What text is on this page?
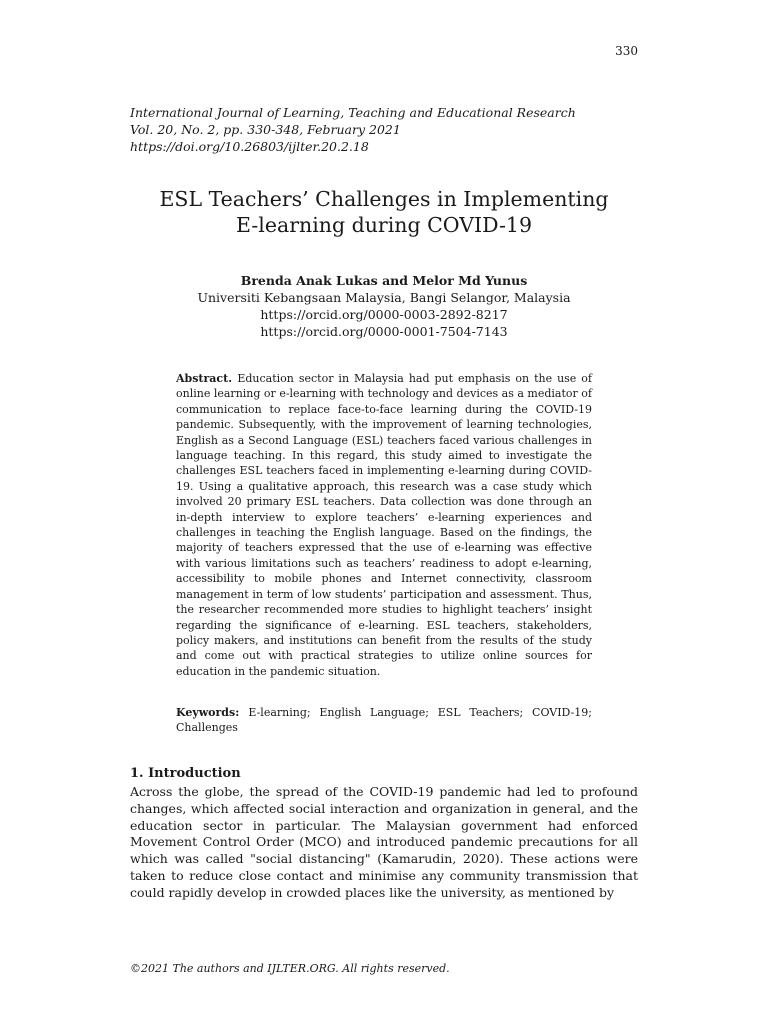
330
International Journal of Learning, Teaching and Educational Research
Vol. 20, No. 2, pp. 330-348, February 2021
https://doi.org/10.26803/ijlter.20.2.18
ESL Teachers’ Challenges in Implementing
E-learning during COVID-19
Brenda Anak Lukas and Melor Md Yunus
Universiti Kebangsaan Malaysia, Bangi Selangor, Malaysia
https://orcid.org/0000-0003-2892-8217
https://orcid.org/0000-0001-7504-7143
Abstract. Education sector in Malaysia had put emphasis on the use of online learning or e-learning with technology and devices as a mediator of communication to replace face-to-face learning during the COVID-19 pandemic. Subsequently, with the improvement of learning technologies, English as a Second Language (ESL) teachers faced various challenges in language teaching. In this regard, this study aimed to investigate the challenges ESL teachers faced in implementing e-learning during COVID-19. Using a qualitative approach, this research was a case study which involved 20 primary ESL teachers. Data collection was done through an in-depth interview to explore teachers’ e-learning experiences and challenges in teaching the English language. Based on the findings, the majority of teachers expressed that the use of e-learning was effective with various limitations such as teachers’ readiness to adopt e-learning, accessibility to mobile phones and Internet connectivity, classroom management in term of low students’ participation and assessment. Thus, the researcher recommended more studies to highlight teachers’ insight regarding the significance of e-learning. ESL teachers, stakeholders, policy makers, and institutions can benefit from the results of the study and come out with practical strategies to utilize online sources for education in the pandemic situation.
Keywords: E-learning; English Language; ESL Teachers; COVID-19; Challenges
1. Introduction
Across the globe, the spread of the COVID-19 pandemic had led to profound changes, which affected social interaction and organization in general, and the education sector in particular. The Malaysian government had enforced Movement Control Order (MCO) and introduced pandemic precautions for all which was called "social distancing" (Kamarudin, 2020). These actions were taken to reduce close contact and minimise any community transmission that could rapidly develop in crowded places like the university, as mentioned by
©2021 The authors and IJLTER.ORG. All rights reserved.
